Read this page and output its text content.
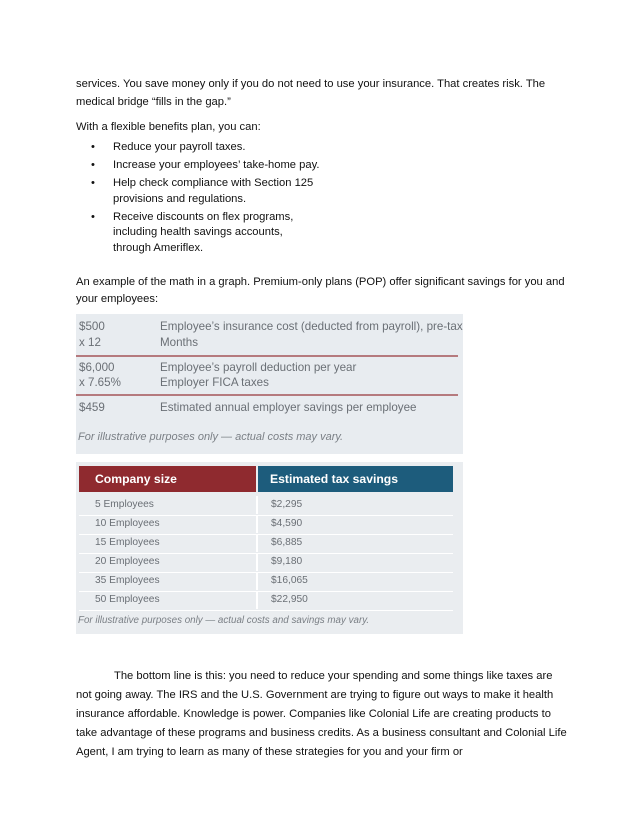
services. You save money only if you do not need to use your insurance. That creates risk. The medical bridge “fills in the gap.”

With a flexible benefits plan, you can:

• Reduce your payroll taxes.
• Increase your employees’ take-home pay.
• Help check compliance with Section 125
provisions and regulations.
• Receive discounts on flex programs,
including health savings accounts,
through Ameriflex.

An example of the math in a graph. Premium-only plans (POP) offer significant savings for you and your employees:

$500	Employee’s insurance cost (deducted from payroll), pre-tax
x 12	Months
$6,000	Employee’s payroll deduction per year
x 7.65%	Employer FICA taxes
$459	Estimated annual employer savings per employee
For illustrative purposes only — actual costs may vary.
Company size	Estimated tax savings
5 Employees	$2,295
10 Employees	$4,590
15 Employees	$6,885
20 Employees	$9,180
35 Employees	$16,065
50 Employees	$22,950
For illustrative purposes only — actual costs and savings may vary.

The bottom line is this: you need to reduce your spending and some things like taxes are not going away. The IRS and the U.S. Government are trying to figure out ways to make it health insurance affordable. Knowledge is power. Companies like Colonial Life are creating products to take advantage of these programs and business credits. As a business consultant and Colonial Life Agent, I am trying to learn as many of these strategies for you and your firm or
